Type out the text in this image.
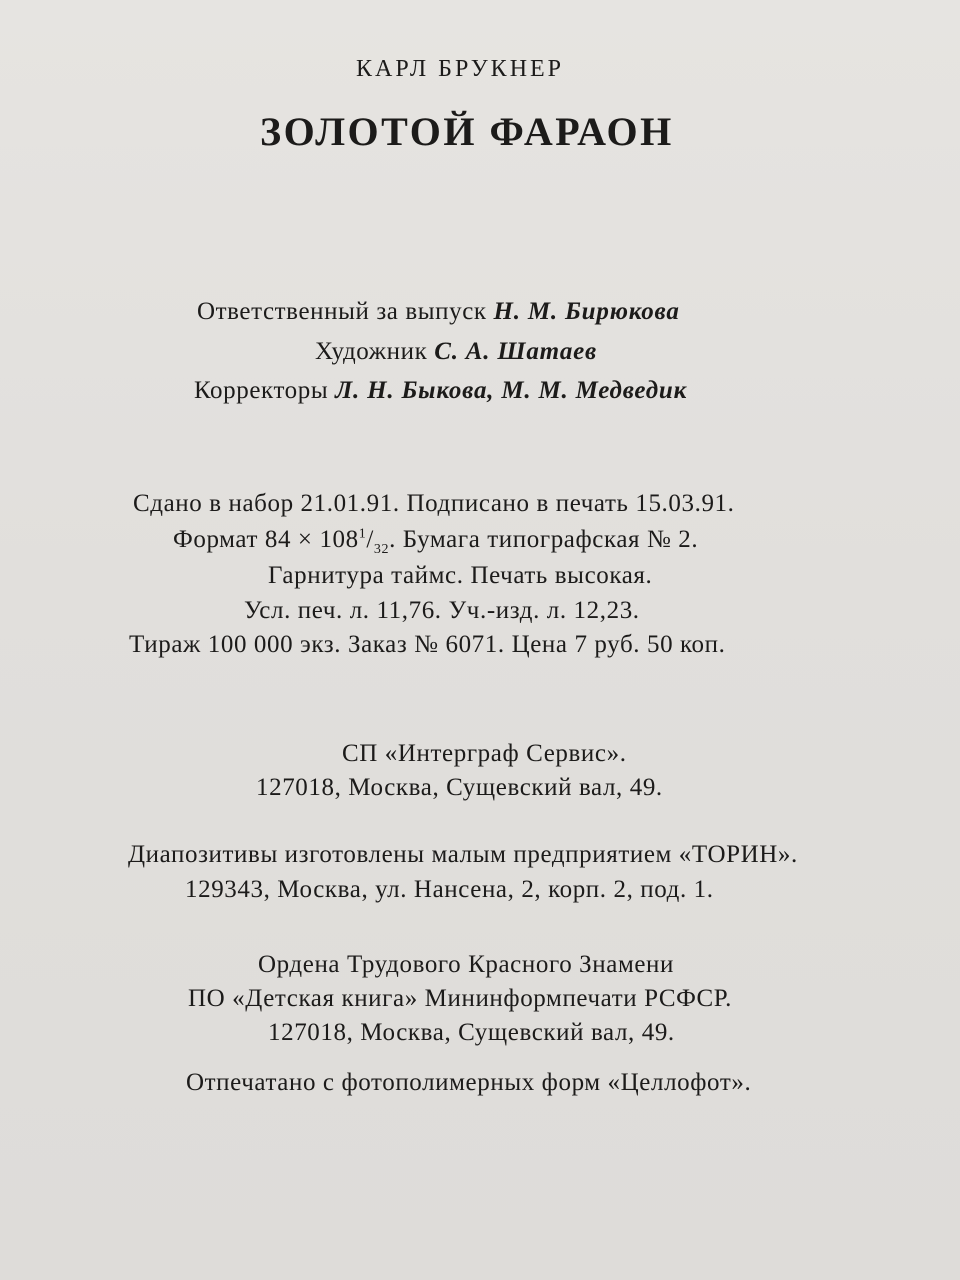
КАРЛ БРУКНЕР
ЗОЛОТОЙ ФАРАОН
Ответственный за выпуск Н. М. Бирюкова
Художник С. А. Шатаев
Корректоры Л. Н. Быкова, М. М. Медведик
Сдано в набор 21.01.91. Подписано в печать 15.03.91.
Формат $84 \times 108^1/_{32}$. Бумага типографская № 2.
Гарнитура таймс. Печать высокая.
Усл. печ. л. 11,76. Уч.-изд. л. 12,23.
Тираж 100 000 экз. Заказ № 6071. Цена 7 руб. 50 коп.
СП «Интерграф Сервис».
127018, Москва, Сущевский вал, 49.
Диапозитивы изготовлены малым предприятием «ТОРИН».
129343, Москва, ул. Нансена, 2, корп. 2, под. 1.
Ордена Трудового Красного Знамени
ПО «Детская книга» Мининформпечати РСФСР.
127018, Москва, Сущевский вал, 49.
Отпечатано с фотополимерных форм «Целлофот».
